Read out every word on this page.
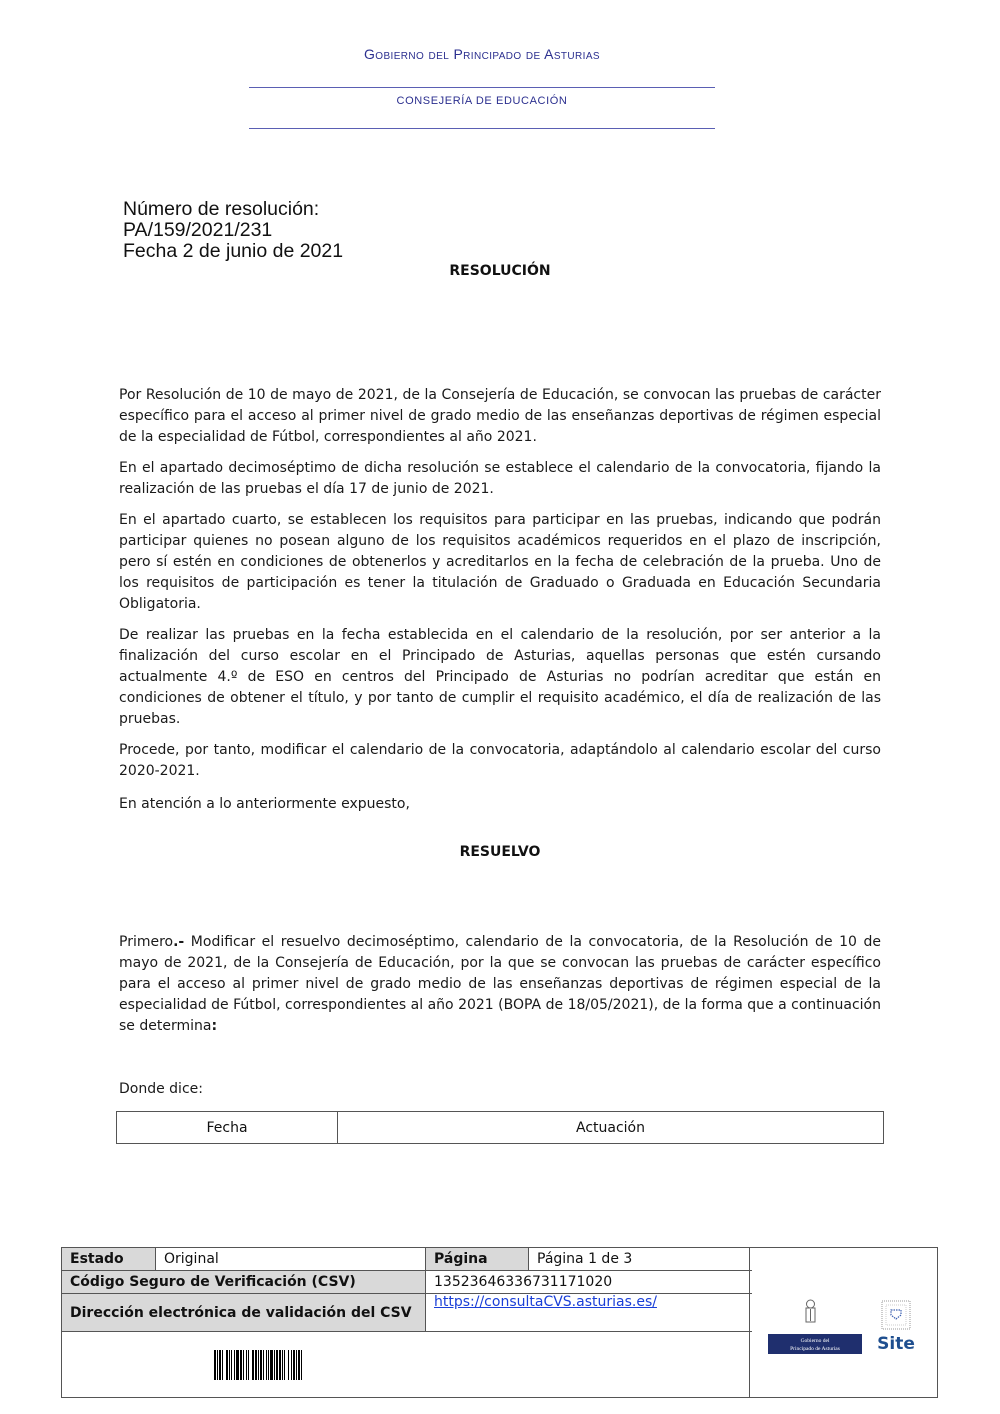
Gobierno del Principado de Asturias
CONSEJERÍA DE EDUCACIÓN
Número de resolución:
PA/159/2021/231
Fecha 2 de junio de 2021
RESOLUCIÓN

Por Resolución de 10 de mayo de 2021, de la Consejería de Educación, se convocan las pruebas de carácter específico para el acceso al primer nivel de grado medio de las enseñanzas deportivas de régimen especial de la especialidad de Fútbol, correspondientes al año 2021.

En el apartado decimoséptimo de dicha resolución se establece el calendario de la convocatoria, fijando la realización de las pruebas el día 17 de junio de 2021.

En el apartado cuarto, se establecen los requisitos para participar en las pruebas, indicando que podrán participar quienes no posean alguno de los requisitos académicos requeridos en el plazo de inscripción, pero sí estén en condiciones de obtenerlos y acreditarlos en la fecha de celebración de la prueba. Uno de los requisitos de participación es tener la titulación de Graduado o Graduada en Educación Secundaria Obligatoria.

De realizar las pruebas en la fecha establecida en el calendario de la resolución, por ser anterior a la finalización del curso escolar en el Principado de Asturias, aquellas personas que estén cursando actualmente 4.º de ESO en centros del Principado de Asturias no podrían acreditar que están en condiciones de obtener el título, y por tanto de cumplir el requisito académico, el día de realización de las pruebas.

Procede, por tanto, modificar el calendario de la convocatoria, adaptándolo al calendario escolar del curso 2020-2021.

En atención a lo anteriormente expuesto,

RESUELVO

Primero.- Modificar el resuelvo decimoséptimo, calendario de la convocatoria, de la Resolución de 10 de mayo de 2021, de la Consejería de Educación, por la que se convocan las pruebas de carácter específico para el acceso al primer nivel de grado medio de las enseñanzas deportivas de régimen especial de la especialidad de Fútbol, correspondientes al año 2021 (BOPA de 18/05/2021), de la forma que a continuación se determina:

Donde dice:
Fecha	Actuación
Estado	Original	Página	Página 1 de 3
Código Seguro de Verificación (CSV)	13523646336731171020
Dirección electrónica de validación del CSV
https://consultaCVS.asturias.es/
Gobierno del
Principado de Asturias Site
